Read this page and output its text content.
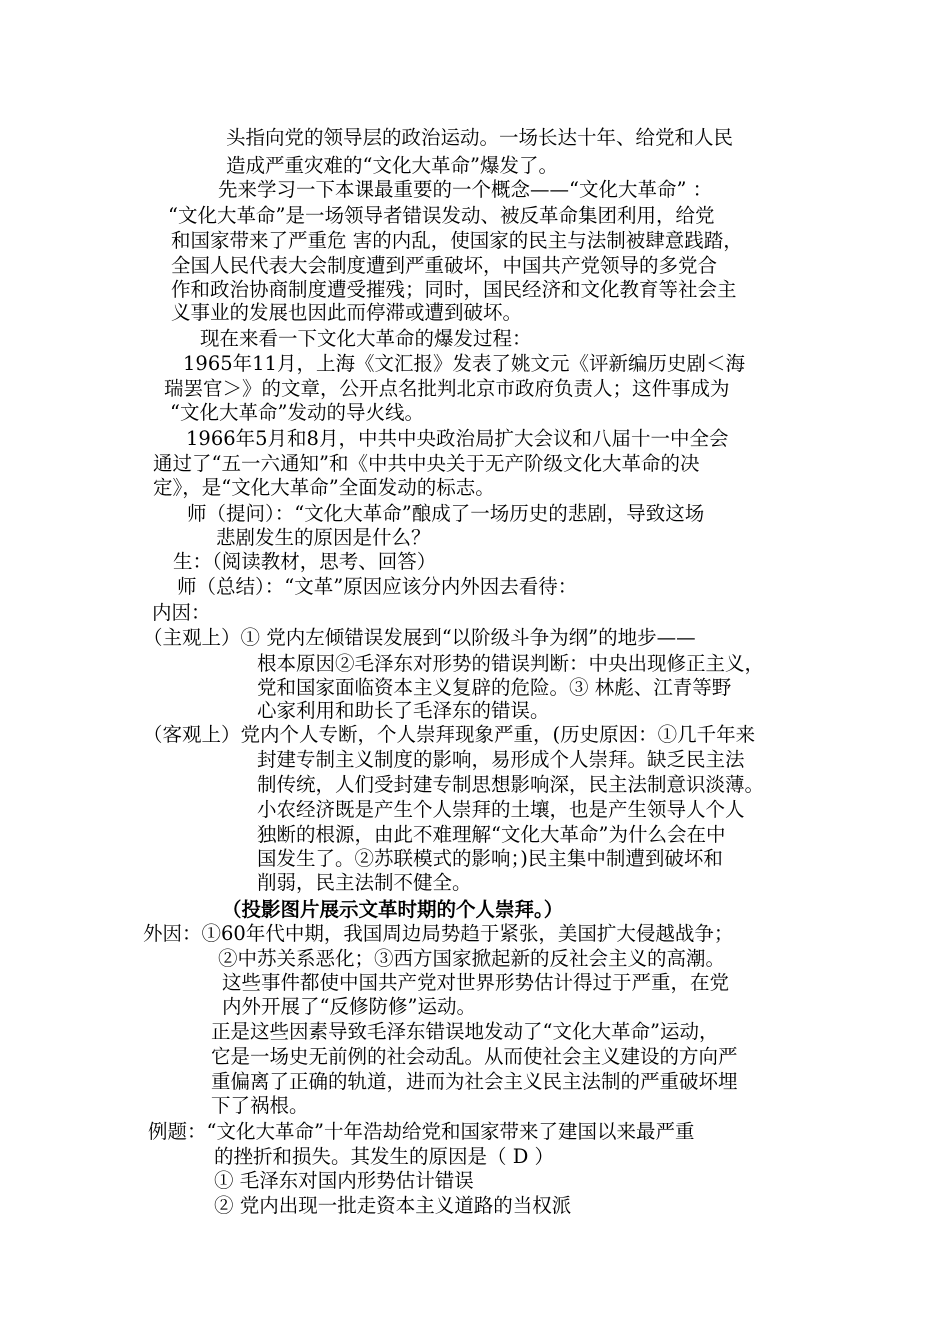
头指向党的领导层的政治运动。一场长达十年、给党和人民
造成严重灾难的“文化大革命”爆发了。
先来学习一下本课最重要的一个概念——“文化大革命” ：
“文化大革命”是一场领导者错误发动、被反革命集团利用，给党
和国家带来了严重危 害的内乱，使国家的民主与法制被肆意践踏，
全国人民代表大会制度遭到严重破坏，中国共产党领导的多党合
作和政治协商制度遭受摧残；同时，国民经济和文化教育等社会主
义事业的发展也因此而停滞或遭到破坏。
现在来看一下文化大革命的爆发过程：
1965年11月，上海《文汇报》发表了姚文元《评新编历史剧＜海
瑞罢官＞》的文章，公开点名批判北京市政府负责人；这件事成为
“文化大革命”发动的导火线。
1966年5月和8月，中共中央政治局扩大会议和八届十一中全会
通过了“五一六通知”和《中共中央关于无产阶级文化大革命的决
定》，是“文化大革命”全面发动的标志。
师（提问）：“文化大革命”酿成了一场历史的悲剧，导致这场
悲剧发生的原因是什么？
生：（阅读教材，思考、回答）
师（总结）：“文革”原因应该分内外因去看待：
内因：
（主观上）① 党内左倾错误发展到“以阶级斗争为纲”的地步——
根本原因②毛泽东对形势的错误判断：中央出现修正主义，
党和国家面临资本主义复辟的危险。③ 林彪、江青等野
心家利用和助长了毛泽东的错误。
（客观上）党内个人专断，个人崇拜现象严重，(历史原因：①几千年来
封建专制主义制度的影响，易形成个人崇拜。缺乏民主法
制传统，人们受封建专制思想影响深，民主法制意识淡薄。
小农经济既是产生个人崇拜的土壤，也是产生领导人个人
独断的根源，由此不难理解“文化大革命”为什么会在中
国发生了。②苏联模式的影响；)民主集中制遭到破坏和
削弱，民主法制不健全。
（投影图片展示文革时期的个人崇拜。）
外因：①60年代中期，我国周边局势趋于紧张，美国扩大侵越战争；
②中苏关系恶化；③西方国家掀起新的反社会主义的高潮。
这些事件都使中国共产党对世界形势估计得过于严重，在党
内外开展了“反修防修”运动。
正是这些因素导致毛泽东错误地发动了“文化大革命”运动，
它是一场史无前例的社会动乱。从而使社会主义建设的方向严
重偏离了正确的轨道，进而为社会主义民主法制的严重破坏埋
下了祸根。
例题：“文化大革命”十年浩劫给党和国家带来了建国以来最严重
的挫折和损失。其发生的原因是（ D ）
① 毛泽东对国内形势估计错误
② 党内出现一批走资本主义道路的当权派
